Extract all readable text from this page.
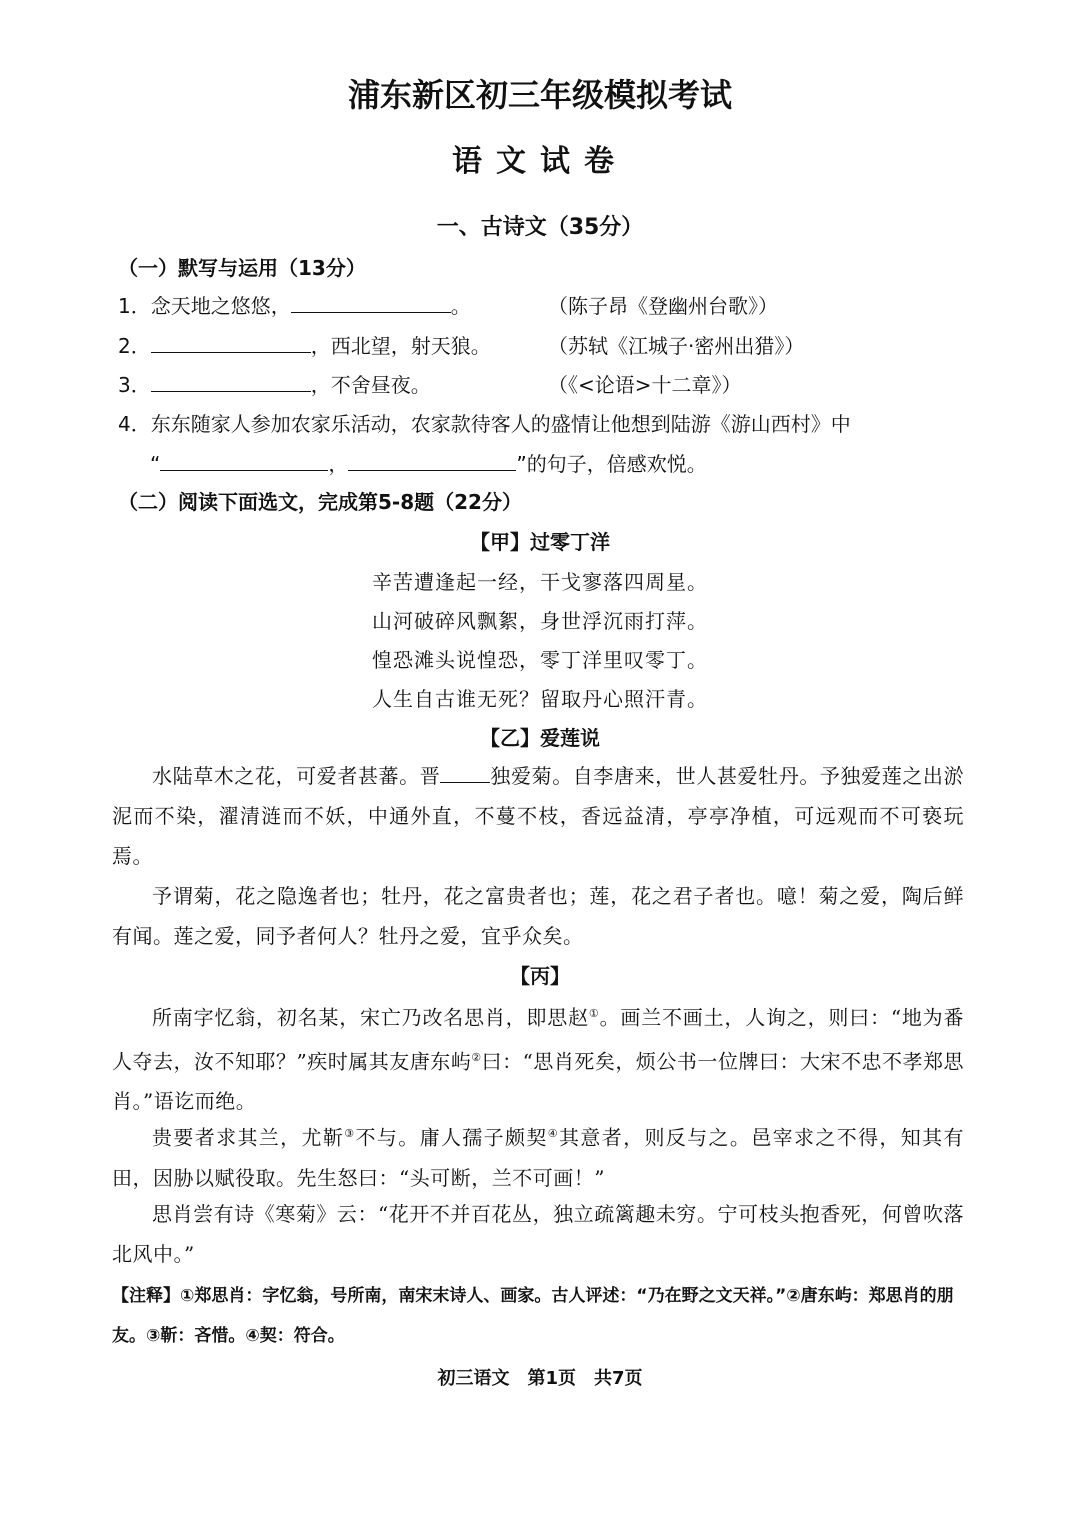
浦东新区初三年级模拟考试
语文试卷
一、古诗文（35分）
（一）默写与运用（13分）
1．念天地之悠悠，	。	（陈子昂《登幽州台歌》）
2．	，西北望，射天狼。	（苏轼《江城子·密州出猎》）
3．	，不舍昼夜。	（《<论语>十二章》）
4．东东随家人参加农家乐活动，农家款待客人的盛情让他想到陆游《游山西村》中
“	，	”的句子，倍感欢悦。
（二）阅读下面选文，完成第5-8题（22分）
【甲】过零丁洋
辛苦遭逢起一经，干戈寥落四周星。
山河破碎风飘絮，身世浮沉雨打萍。
惶恐滩头说惶恐，零丁洋里叹零丁。
人生自古谁无死？留取丹心照汗青。
【乙】爱莲说
水陆草木之花，可爱者甚蕃。晋	独爱菊。自李唐来，世人甚爱牡丹。予独爱莲之出淤泥而不染，濯清涟而不妖，中通外直，不蔓不枝，香远益清，亭亭净植，可远观而不可亵玩焉。
予谓菊，花之隐逸者也；牡丹，花之富贵者也；莲，花之君子者也。噫！菊之爱，陶后鲜有闻。莲之爱，同予者何人？牡丹之爱，宜乎众矣。
【丙】
所南字忆翁，初名某，宋亡乃改名思肖，即思赵①。画兰不画土，人询之，则曰：“地为番人夺去，汝不知耶？”疾时属其友唐东屿②曰：“思肖死矣，烦公书一位牌曰：大宋不忠不孝郑思肖。”语讫而绝。
贵要者求其兰，尤靳③不与。庸人孺子颇契④其意者，则反与之。邑宰求之不得，知其有田，因胁以赋役取。先生怒曰：“头可断，兰不可画！”
思肖尝有诗《寒菊》云：“花开不并百花丛，独立疏篱趣未穷。宁可枝头抱香死，何曾吹落北风中。”
【注释】①郑思肖：字忆翁，号所南，南宋末诗人、画家。古人评述：“乃在野之文天祥。”②唐东屿：郑思肖的朋友。③靳：吝惜。④契：符合。
初三语文　第1页　共7页
